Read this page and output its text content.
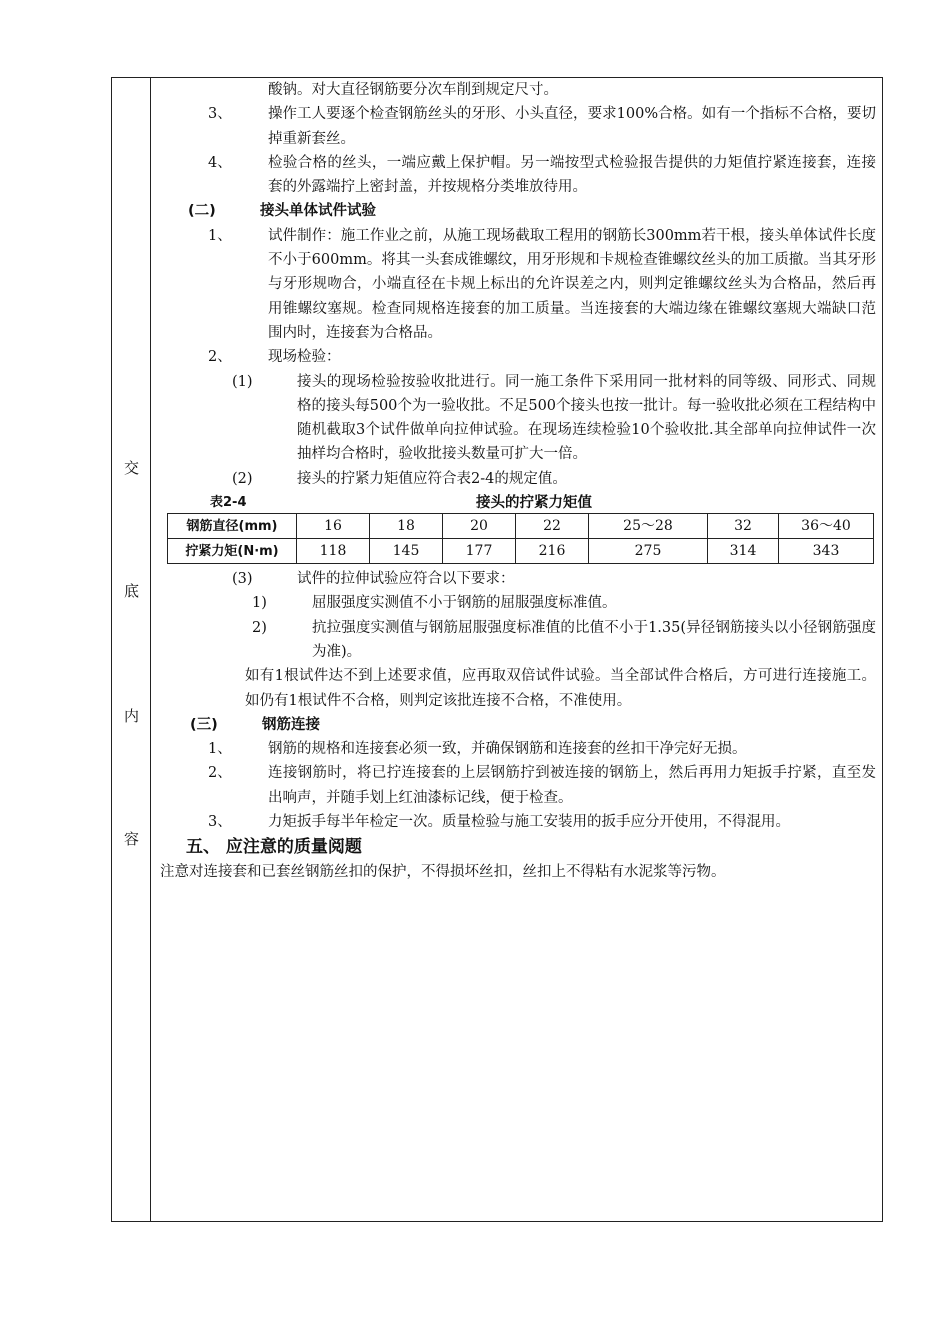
交
底
内
容
酸钠。对大直径钢筋要分次车削到规定尺寸。
3、	操作工人要逐个检查钢筋丝头的牙形、小头直径，要求100%合格。如有一个指标不合格，要切掉重新套丝。
4、	检验合格的丝头，一端应戴上保护帽。另一端按型式检验报告提供的力矩值拧紧连接套，连接套的外露端拧上密封盖，并按规格分类堆放待用。
(二)	接头单体试件试验
1、	试件制作：施工作业之前，从施工现场截取工程用的钢筋长300mm若干根，接头单体试件长度不小于600mm。将其一头套成锥螺纹，用牙形规和卡规检查锥螺纹丝头的加工质撤。当其牙形与牙形规吻合，小端直径在卡规上标出的允许误差之内，则判定锥螺纹丝头为合格品，然后再用锥螺纹塞规。检查同规格连接套的加工质量。当连接套的大端边缘在锥螺纹塞规大端缺口范围内时，连接套为合格品。
2、	现场检验：
(1)	接头的现场检验按验收批进行。同一施工条件下采用同一批材料的同等级、同形式、同规格的接头每500个为一验收批。不足500个接头也按一批计。每一验收批必须在工程结构中随机截取3个试件做单向拉伸试验。在现场连续检验10个验收批.其全部单向拉伸试件一次抽样均合格时，验收批接头数量可扩大一倍。
(2)	接头的拧紧力矩值应符合表2-4的规定值。
表2-4	接头的拧紧力矩值
钢筋直径(mm)	16	18	20	22	25～28	32	36～40
拧紧力矩(N·m)	118	145	177	216	275	314	343
(3)	试件的拉伸试验应符合以下要求：
1)	屈服强度实测值不小于钢筋的屈服强度标准值。
2)	抗拉强度实测值与钢筋屈服强度标准值的比值不小于1.35(异径钢筋接头以小径钢筋强度为准)。
如有1根试件达不到上述要求值，应再取双倍试件试验。当全部试件合格后，方可进行连接施工。如仍有1根试件不合格，则判定该批连接不合格，不准使用。
(三)	钢筋连接
1、	钢筋的规格和连接套必须一致，并确保钢筋和连接套的丝扣干净完好无损。
2、	连接钢筋时，将已拧连接套的上层钢筋拧到被连接的钢筋上，然后再用力矩扳手拧紧，直至发出响声，并随手划上红油漆标记线，便于检查。
3、	力矩扳手每半年检定一次。质量检验与施工安装用的扳手应分开使用，不得混用。
五、 应注意的质量阅题
注意对连接套和已套丝钢筋丝扣的保护，不得损坏丝扣，丝扣上不得粘有水泥浆等污物。
